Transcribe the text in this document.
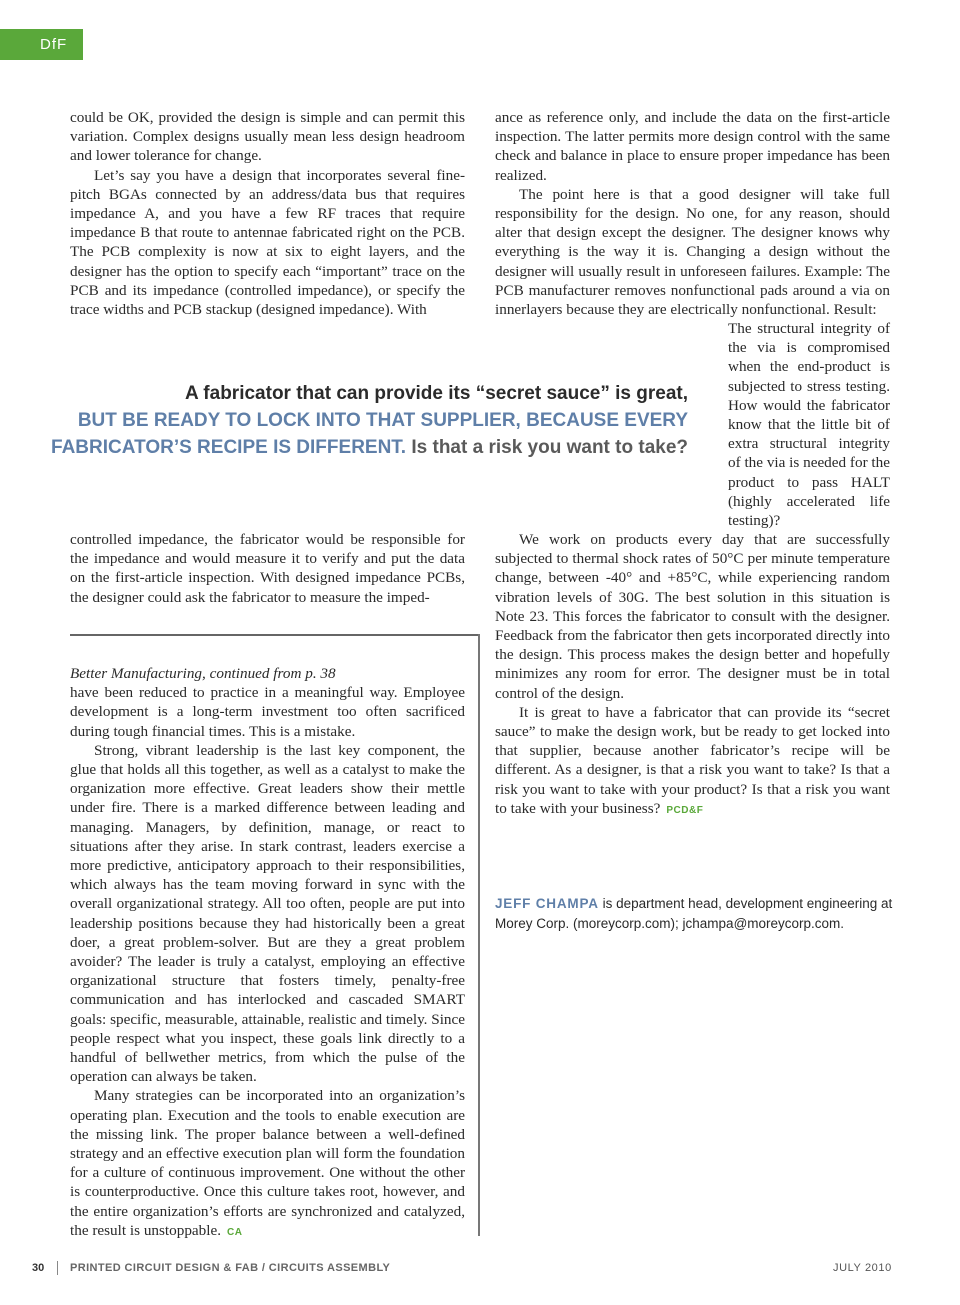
DfF

could be OK, provided the design is simple and can permit this variation. Complex designs usually mean less design headroom and lower tolerance for change.

Let’s say you have a design that incorporates several fine-pitch BGAs connected by an address/data bus that requires impedance A, and you have a few RF traces that require impedance B that route to antennae fabricated right on the PCB. The PCB complexity is now at six to eight layers, and the designer has the option to specify each “important” trace on the PCB and its impedance (controlled impedance), or specify the trace widths and PCB stackup (designed impedance). With

A fabricator that can provide its “secret sauce” is great,
BUT BE READY TO LOCK INTO THAT SUPPLIER, BECAUSE EVERY
FABRICATOR’S RECIPE IS DIFFERENT. Is that a risk you want to take?

controlled impedance, the fabricator would be responsible for the impedance and would measure it to verify and put the data on the first-article inspection. With designed impedance PCBs, the designer could ask the fabricator to measure the imped-

Better Manufacturing, continued from p. 38

have been reduced to practice in a meaningful way. Employee development is a long-term investment too often sacrificed during tough financial times. This is a mistake.

Strong, vibrant leadership is the last key component, the glue that holds all this together, as well as a catalyst to make the organization more effective. Great leaders show their mettle under fire. There is a marked difference between leading and managing. Managers, by definition, manage, or react to situations after they arise. In stark contrast, leaders exercise a more predictive, anticipatory approach to their responsibilities, which always has the team moving forward in sync with the overall organizational strategy. All too often, people are put into leadership positions because they had historically been a great doer, a great problem-solver. But are they a great problem avoider? The leader is truly a catalyst, employing an effective organizational structure that fosters timely, penalty-free communication and has interlocked and cascaded SMART goals: specific, measurable, attainable, realistic and timely. Since people respect what you inspect, these goals link directly to a handful of bellwether metrics, from which the pulse of the operation can always be taken.

Many strategies can be incorporated into an organization’s operating plan. Execution and the tools to enable execution are the missing link. The proper balance between a well-defined strategy and an effective execution plan will form the foundation for a culture of continuous improvement. One without the other is counterproductive. Once this culture takes root, however, and the entire organization’s efforts are synchronized and catalyzed, the result is unstoppable. CA

ance as reference only, and include the data on the first-article inspection. The latter permits more design control with the same check and balance in place to ensure proper impedance has been realized.

The point here is that a good designer will take full responsibility for the design. No one, for any reason, should alter that design except the designer. The designer knows why everything is the way it is. Changing a design without the designer will usually result in unforeseen failures. Example: The PCB manufacturer removes nonfunctional pads around a via on innerlayers because they are electrically nonfunctional. Result:

The structural integrity of the via is compromised when the end-product is subjected to stress testing. How would the fabricator know that the little bit of extra structural integrity of the via is needed for the product to pass HALT (highly accelerated life testing)?

We work on products every day that are successfully subjected to thermal shock rates of 50°C per minute temperature change, between -40° and +85°C, while experiencing random vibration levels of 30G. The best solution in this situation is Note 23. This forces the fabricator to consult with the designer. Feedback from the fabricator then gets incorporated directly into the design. This process makes the design better and hopefully minimizes any room for error. The designer must be in total control of the design.

It is great to have a fabricator that can provide its “secret sauce” to make the design work, but be ready to get locked into that supplier, because another fabricator’s recipe will be different. As a designer, is that a risk you want to take? Is that a risk you want to take with your product? Is that a risk you want to take with your business? PCD&F

JEFF CHAMPA is department head, development engineering at Morey Corp. (moreycorp.com); jchampa@moreycorp.com.
30 PRINTED CIRCUIT DESIGN & FAB / CIRCUITS ASSEMBLY	JULY 2010
